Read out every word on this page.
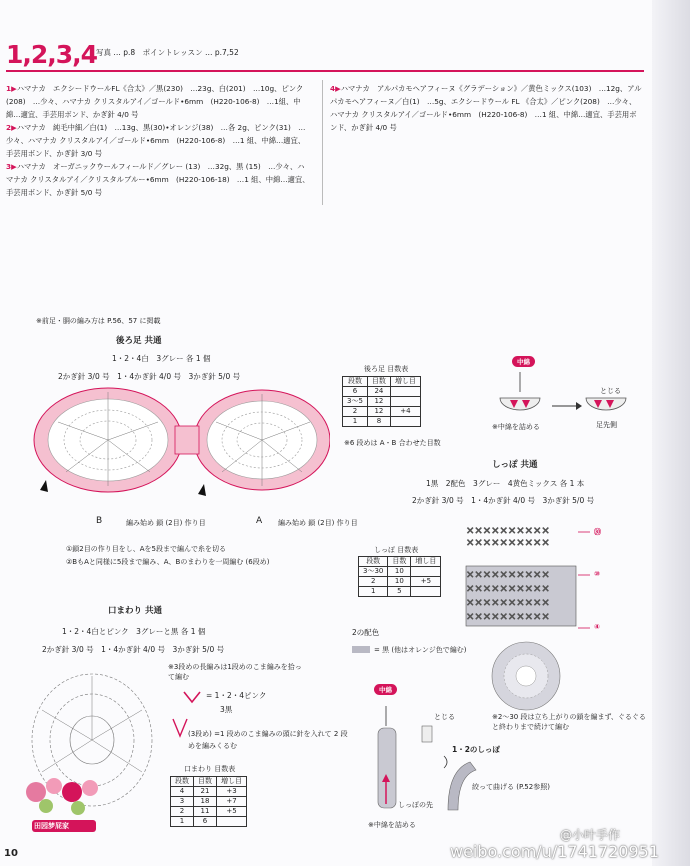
1,2,3,4
写真 … p.8　ポイントレッスン … p.7,52
1▶ハマナカ　エクシードウールFL《合太》／黒(230)　…23g、白(201)　…10g、ピンク(208)　…少々、ハマナカ クリスタルアイ／ゴールド•6mm　(H220-106-8)　…1組、中綿…適宜、手芸用ボンド、かぎ針 4/0 号
2▶ハマナカ　純毛中細／白(1)　…13g、黒(30)•オレンジ(38)　…各 2g、ピンク(31)　…少々、ハマナカ クリスタルアイ／ゴールド•6mm　(H220-106-8)　…1 組、中綿…適宜、手芸用ボンド、かぎ針 3/0 号
3▶ハマナカ　オーガニックウールフィールド／グレー (13)　…32g、黒 (15)　…少々、ハマナカ クリスタルアイ／クリスタルブルー•6mm　(H220-106-18)　…1 組、中綿…適宜、手芸用ボンド、かぎ針 5/0 号
4▶ハマナカ　アルパカモヘアフィーヌ《グラデーション》／黄色ミックス(103)　…12g、アルパカモヘアフィーヌ／白(1)　…5g、エクシードウール FL 《合太》／ピンク(208)　…少々、ハマナカ クリスタルアイ／ゴールド•6mm　(H220-106-8)　…1 組、中綿…適宜、手芸用ボンド、かぎ針 4/0 号
※前足・胴の編み方は P.56、57 に掲載
後ろ足 共通
1・2・4白　3グレー 各 1 個
2かぎ針 3/0 号　1・4かぎ針 4/0 号　3かぎ針 5/0 号
B	A
編み始め 鎖 (2目) 作り目	編み始め 鎖 (2目) 作り目
①鎖2目の作り目をし、Aを5段まで編んで糸を切る
②BもAと同様に5段まで編み、A、Bのまわりを一周編む (6段め)
後ろ足 目数表
段数	目数	増し目
6	24	
3〜5	12	
2	12	+4
1	8	
※6 段めは A・B 合わせた目数
中綿
とじる
※中綿を詰める	足先側
しっぽ 共通
1黒　2配色　3グレー　4黄色ミックス 各 1 本
2かぎ針 3/0 号　1・4かぎ針 4/0 号　3かぎ針 5/0 号
✕✕✕✕✕✕✕✕✕✕
✕✕✕✕✕✕✕✕✕✕
✕✕✕✕✕✕✕✕✕✕
✕✕✕✕✕✕✕✕✕✕
✕✕✕✕✕✕✕✕✕✕
✕✕✕✕✕✕✕✕✕✕
㉚
⑩
④
しっぽ 目数表
段数	目数	増し目
3〜30	10	
2	10	+5
1	5	
2の配色
= 黒 (他はオレンジ色で編む)
※2〜30 段は立ち上がりの鎖を編まず、ぐるぐると終わりまで続けて編む
中綿
とじる
1・2のしっぽ
絞って曲げる (P.52参照)
しっぽの先
※中綿を詰める
口まわり 共通
1・2・4白とピンク　3グレーと黒 各 1 個
2かぎ針 3/0 号　1・4かぎ針 4/0 号　3かぎ針 5/0 号
※3段めの長編みは1段めのこま編みを拾って編む
= 1・2・4ピンク
3黒
(3段め) =1 段めのこま編みの頭に針を入れて 2 段めを編みくるむ
口まわり 目数表
段数	目数	増し目
4	21	+3
3	18	+7
2	11	+5
1	6	
田园梦屁家
10
@小叶手作
weibo.com/u/1741720951
